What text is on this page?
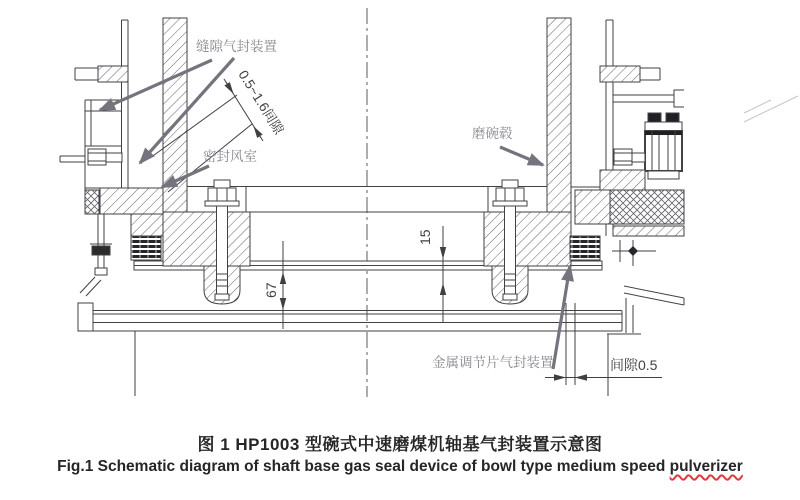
15
67
0.5~1.6间隙
间隙0.5
缝隙气封装置
密封风室
磨碗毂
金属调节片气封装置
图 1 HP1003 型碗式中速磨煤机轴基气封装置示意图
Fig.1 Schematic diagram of shaft base gas seal device of bowl type medium speed pulverizer
